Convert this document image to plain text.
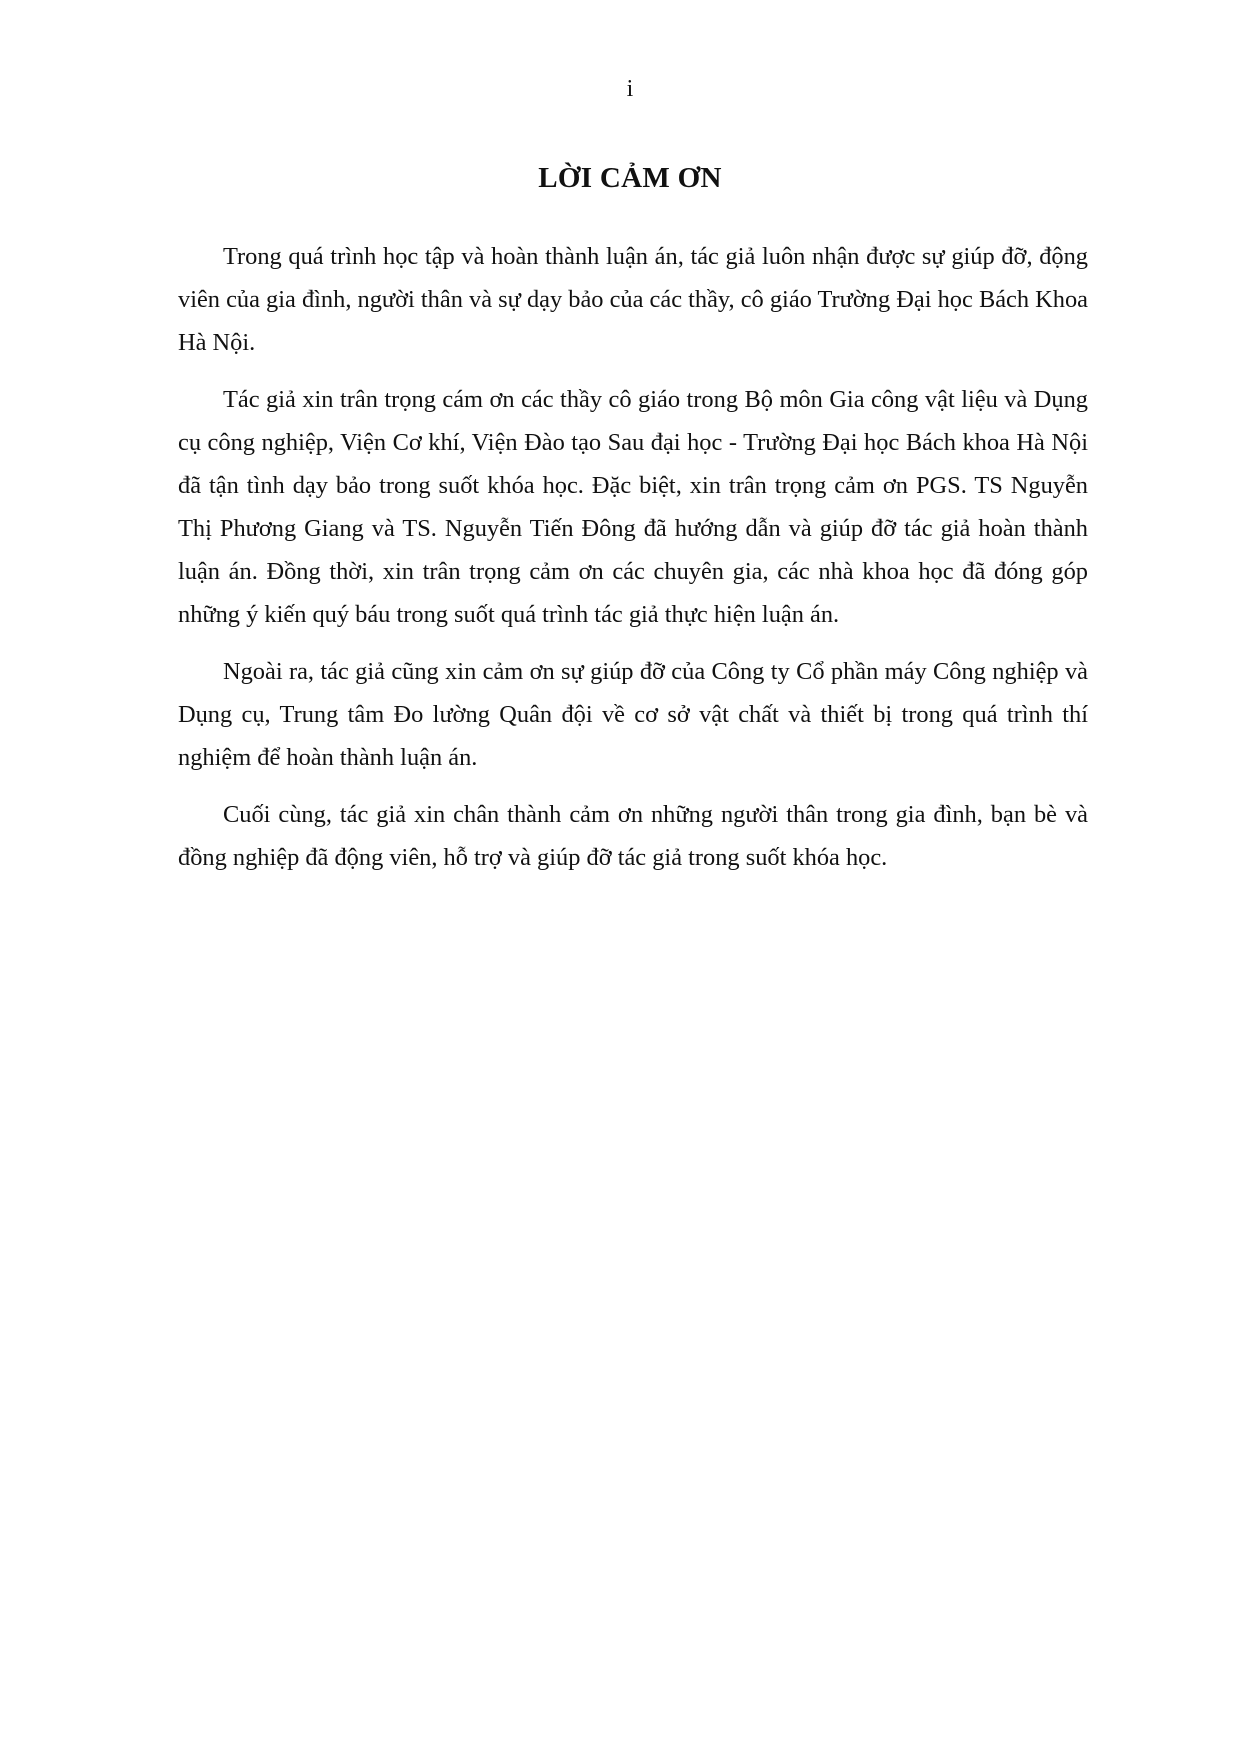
i
LỜI CẢM ƠN

Trong quá trình học tập và hoàn thành luận án, tác giả luôn nhận được sự giúp đỡ, động viên của gia đình, người thân và sự dạy bảo của các thầy, cô giáo Trường Đại học Bách Khoa Hà Nội.

Tác giả xin trân trọng cám ơn các thầy cô giáo trong Bộ môn Gia công vật liệu và Dụng cụ công nghiệp, Viện Cơ khí, Viện Đào tạo Sau đại học - Trường Đại học Bách khoa Hà Nội đã tận tình dạy bảo trong suốt khóa học. Đặc biệt, xin trân trọng cảm ơn PGS. TS Nguyễn Thị Phương Giang và TS. Nguyễn Tiến Đông đã hướng dẫn và giúp đỡ tác giả hoàn thành luận án. Đồng thời, xin trân trọng cảm ơn các chuyên gia, các nhà khoa học đã đóng góp những ý kiến quý báu trong suốt quá trình tác giả thực hiện luận án.

Ngoài ra, tác giả cũng xin cảm ơn sự giúp đỡ của Công ty Cổ phần máy Công nghiệp và Dụng cụ, Trung tâm Đo lường Quân đội về cơ sở vật chất và thiết bị trong quá trình thí nghiệm để hoàn thành luận án.

Cuối cùng, tác giả xin chân thành cảm ơn những người thân trong gia đình, bạn bè và đồng nghiệp đã động viên, hỗ trợ và giúp đỡ tác giả trong suốt khóa học.
